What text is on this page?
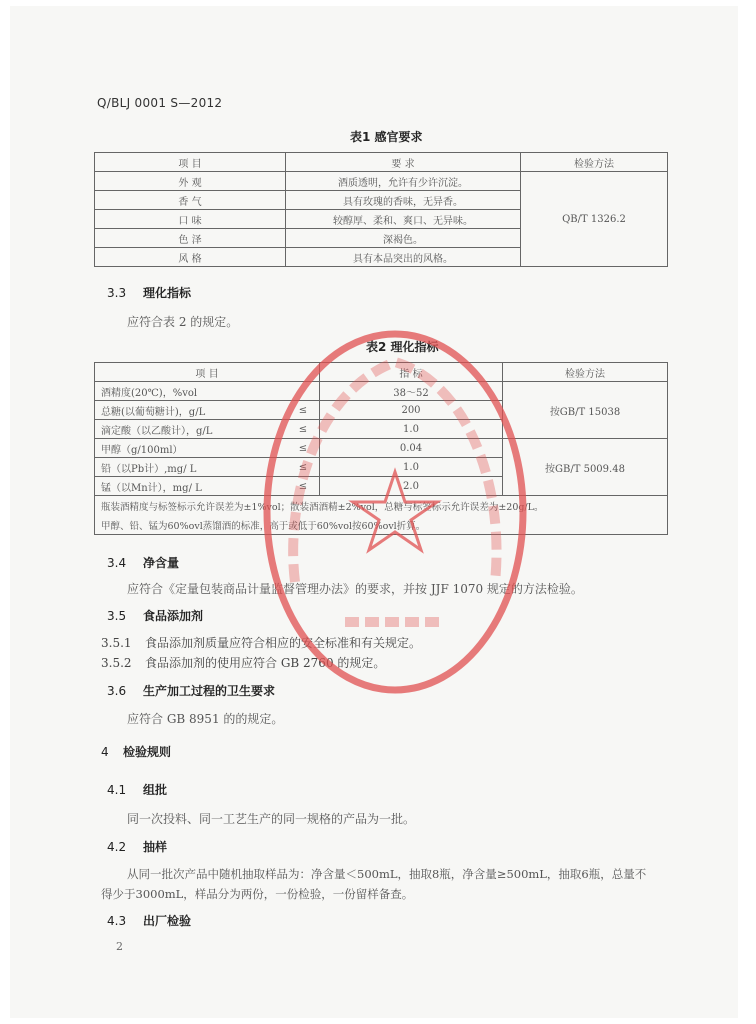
Q/BLJ 0001 S—2012
表1 感官要求
项 目	要 求	检验方法
外 观	酒质透明，允许有少许沉淀。	QB/T 1326.2
香 气	具有玫瑰的香味，无异香。	
口 味	较醇厚、柔和、爽口、无异味。	
色 泽	深褐色。	
风 格	具有本品突出的风格。	
3.3 理化指标
应符合表 2 的规定。
表2 理化指标
项 目		指 标	检验方法
酒精度(20℃)，%vol		38～52	按GB/T 15038
总糖(以葡萄糖计)，g/L	≤	200	
滴定酸（以乙酸计），g/L	≤	1.0	
甲醇（g/100ml）	≤	0.04	按GB/T 5009.48
铅（以Pb计）,mg/ L	≤	1.0	
锰（以Mn计），mg/ L	≤	2.0	
瓶装酒精度与标签标示允许误差为±1%vol；散装酒酒精±2%vol，总糖与标签标示允许误差为±20g/L。			
甲醇、铅、锰为60%ovl蒸馏酒的标准，高于或低于60%vol按60%ovl折算。			
3.4 净含量
应符合《定量包装商品计量监督管理办法》的要求，并按 JJF 1070 规定的方法检验。
3.5 食品添加剂
3.5.1 食品添加剂质量应符合相应的安全标准和有关规定。
3.5.2 食品添加剂的使用应符合 GB 2760 的规定。
3.6 生产加工过程的卫生要求
应符合 GB 8951 的的规定。
4 检验规则
4.1 组批
同一次投料、同一工艺生产的同一规格的产品为一批。
4.2 抽样
从同一批次产品中随机抽取样品为：净含量＜500mL，抽取8瓶，净含量≥500mL，抽取6瓶，总量不
得少于3000mL，样品分为两份，一份检验，一份留样备查。
4.3 出厂检验
2
